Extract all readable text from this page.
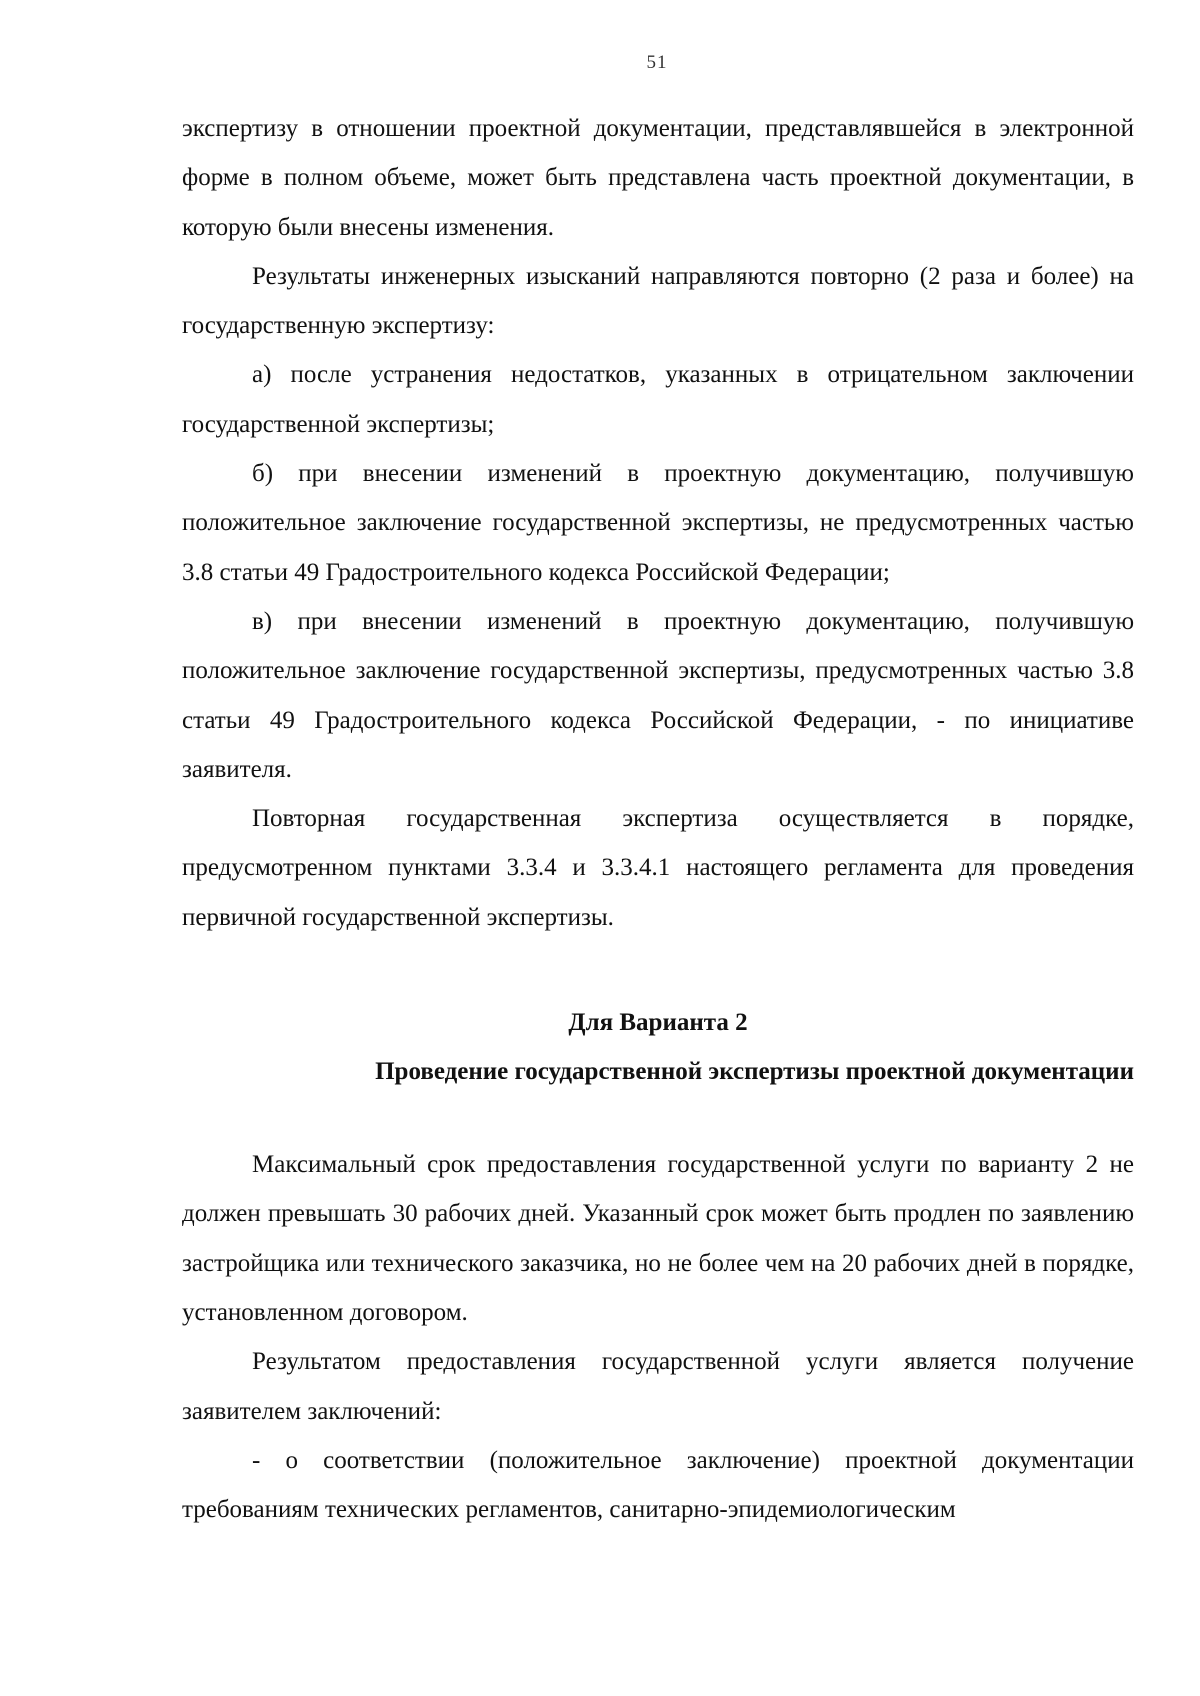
51

экспертизу в отношении проектной документации, представлявшейся в электронной форме в полном объеме, может быть представлена часть проектной документации, в которую были внесены изменения.

Результаты инженерных изысканий направляются повторно (2 раза и более) на государственную экспертизу:

а) после устранения недостатков, указанных в отрицательном заключении государственной экспертизы;

б) при внесении изменений в проектную документацию, получившую положительное заключение государственной экспертизы, не предусмотренных частью 3.8 статьи 49 Градостроительного кодекса Российской Федерации;

в) при внесении изменений в проектную документацию, получившую положительное заключение государственной экспертизы, предусмотренных частью 3.8 статьи 49 Градостроительного кодекса Российской Федерации, - по инициативе заявителя.

Повторная государственная экспертиза осуществляется в порядке, предусмотренном пунктами 3.3.4 и 3.3.4.1 настоящего регламента для проведения первичной государственной экспертизы.

Для Варианта 2
Проведение государственной экспертизы проектной документации

Максимальный срок предоставления государственной услуги по варианту 2 не должен превышать 30 рабочих дней. Указанный срок может быть продлен по заявлению застройщика или технического заказчика, но не более чем на 20 рабочих дней в порядке, установленном договором.

Результатом предоставления государственной услуги является получение заявителем заключений:

- о соответствии (положительное заключение) проектной документации требованиям технических регламентов, санитарно-эпидемиологическим
